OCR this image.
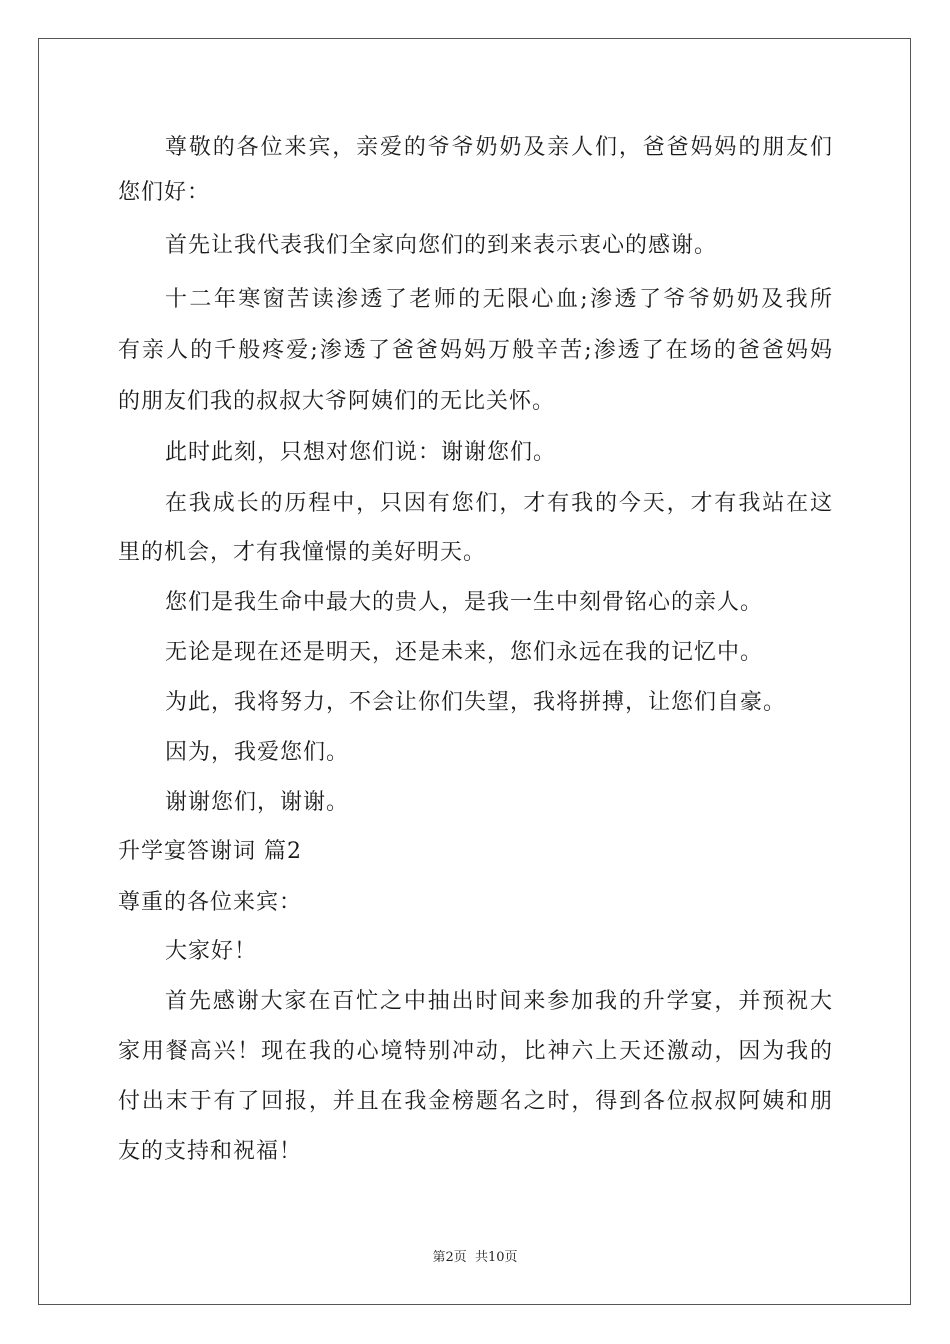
尊敬的各位来宾，亲爱的爷爷奶奶及亲人们，爸爸妈妈的朋友们
您们好：
首先让我代表我们全家向您们的到来表示衷心的感谢。
十二年寒窗苦读渗透了老师的无限心血;渗透了爷爷奶奶及我所
有亲人的千般疼爱;渗透了爸爸妈妈万般辛苦;渗透了在场的爸爸妈妈
的朋友们我的叔叔大爷阿姨们的无比关怀。
此时此刻，只想对您们说：谢谢您们。
在我成长的历程中，只因有您们，才有我的今天，才有我站在这
里的机会，才有我憧憬的美好明天。
您们是我生命中最大的贵人，是我一生中刻骨铭心的亲人。
无论是现在还是明天，还是未来，您们永远在我的记忆中。
为此，我将努力，不会让你们失望，我将拼搏，让您们自豪。
因为，我爱您们。
谢谢您们，谢谢。
升学宴答谢词 篇2
尊重的各位来宾：
大家好！
首先感谢大家在百忙之中抽出时间来参加我的升学宴，并预祝大
家用餐高兴！现在我的心境特别冲动，比神六上天还激动，因为我的
付出末于有了回报，并且在我金榜题名之时，得到各位叔叔阿姨和朋
友的支持和祝福！
第2页 共10页
